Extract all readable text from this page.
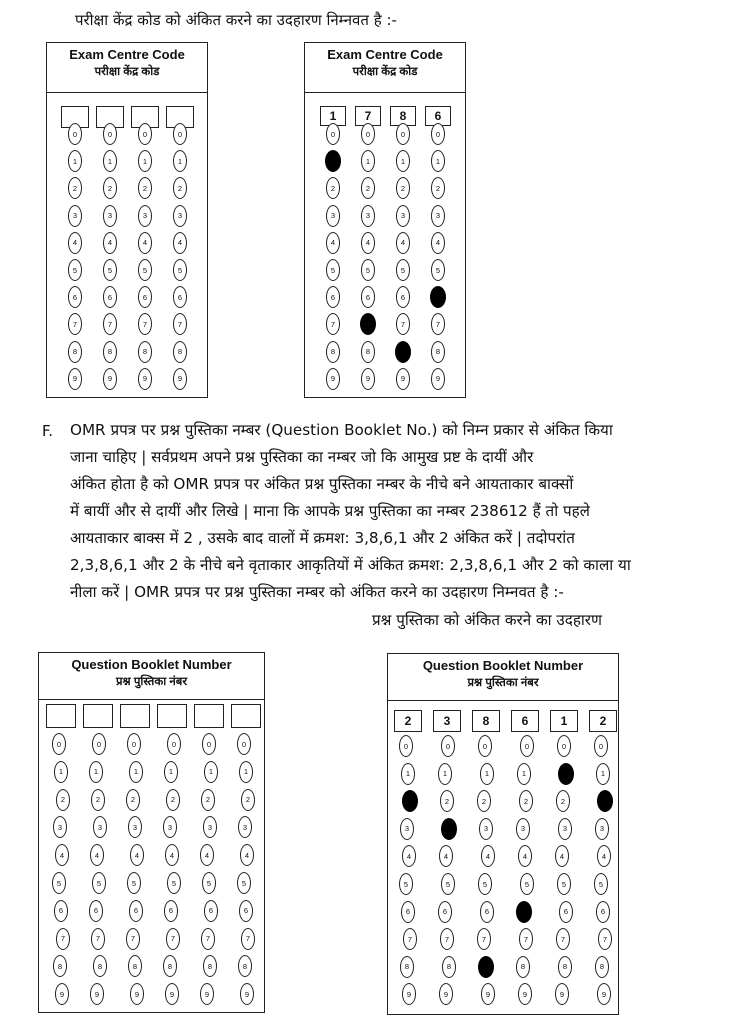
परीक्षा केंद्र कोड को अंकित करने का उदहारण निम्नवत है :-
Exam Centre Code
परीक्षा केंद्र कोड
0
1
2
3
4
5
6
7
8
9
0
1
2
3
4
5
6
7
8
9
0
1
2
3
4
5
6
7
8
9
0
1
2
3
4
5
6
7
8
9
Exam Centre Code
परीक्षा केंद्र कोड
1
0
1
2
3
4
5
6
7
8
9
7
0
1
2
3
4
5
6
7
8
9
8
0
1
2
3
4
5
6
7
8
9
6
0
1
2
3
4
5
6
7
8
9
F. OMR प्रपत्र पर प्रश्न पुस्तिका नम्बर (Question Booklet No.) को निम्न प्रकार से अंकित किया
जाना चाहिए | सर्वप्रथम अपने प्रश्न पुस्तिका का नम्बर जो कि आमुख प्रष्ट के दायीं और
अंकित होता है को OMR प्रपत्र पर अंकित प्रश्न पुस्तिका नम्बर के नीचे बने आयताकार बाक्सों
में बायीं और से दायीं और लिखे | माना कि आपके प्रश्न पुस्तिका का नम्बर 238612 हैं तो पहले
आयताकार बाक्स में 2 , उसके बाद वालों में क्रमश: 3,8,6,1 और 2 अंकित करें | तदोपरांत
2,3,8,6,1 और 2 के नीचे बने वृताकार आकृतियों में अंकित क्रमश: 2,3,8,6,1 और 2 को काला या
नीला करें | OMR प्रपत्र पर प्रश्न पुस्तिका नम्बर को अंकित करने का उदहारण निम्नवत है :-
प्रश्न पुस्तिका को अंकित करने का उदहारण
Question Booklet Number
प्रश्न पुस्तिका नंबर
0
1
2
3
4
5
6
7
8
9
0
1
2
3
4
5
6
7
8
9
0
1
2
3
4
5
6
7
8
9
0
1
2
3
4
5
6
7
8
9
0
1
2
3
4
5
6
7
8
9
0
1
2
3
4
5
6
7
8
9
Question Booklet Number
प्रश्न पुस्तिका नंबर
2
0
1
2
3
4
5
6
7
8
9
3
0
1
2
3
4
5
6
7
8
9
8
0
1
2
3
4
5
6
7
8
9
6
0
1
2
3
4
5
6
7
8
9
1
0
1
2
3
4
5
6
7
8
9
2
0
1
2
3
4
5
6
7
8
9
